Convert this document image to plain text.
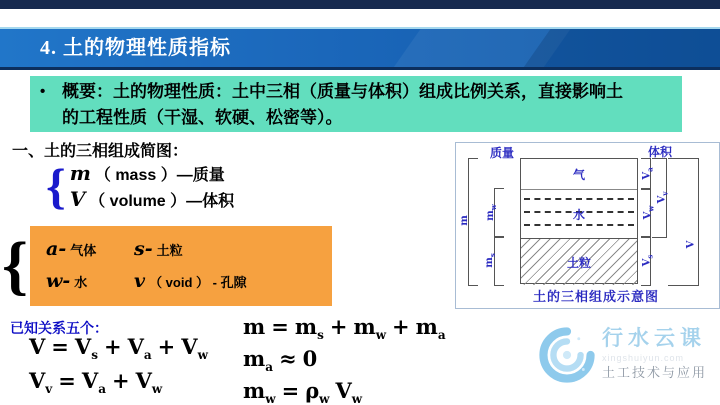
4. 土的物理性质指标
• 概要：土的物理性质：土中三相（质量与体积）组成比例关系，直接影响土
的工程性质（干湿、软硬、松密等）。
一、土的三相组成简图：
{ m （ mass ）—质量
V （ volume ）—体积
{ a- 气体	s- 土粒
w- 水	v （ void ） - 孔隙
已知关系五个：
$V = V_s + V_a + V_w$
$V_v = V_a + V_w$
$m = m_s + m_w + m_a$
$m_a \approx 0$
$m_w = \rho_w$ $V_w$
质量	体积
气
水
土粒
m $m_w$
$m_s$
$V_a$
$V_w$
$V_s$
$V_v$
V
土的三相组成示意图
行水云课
xingshuiyun.com
土工技术与应用
